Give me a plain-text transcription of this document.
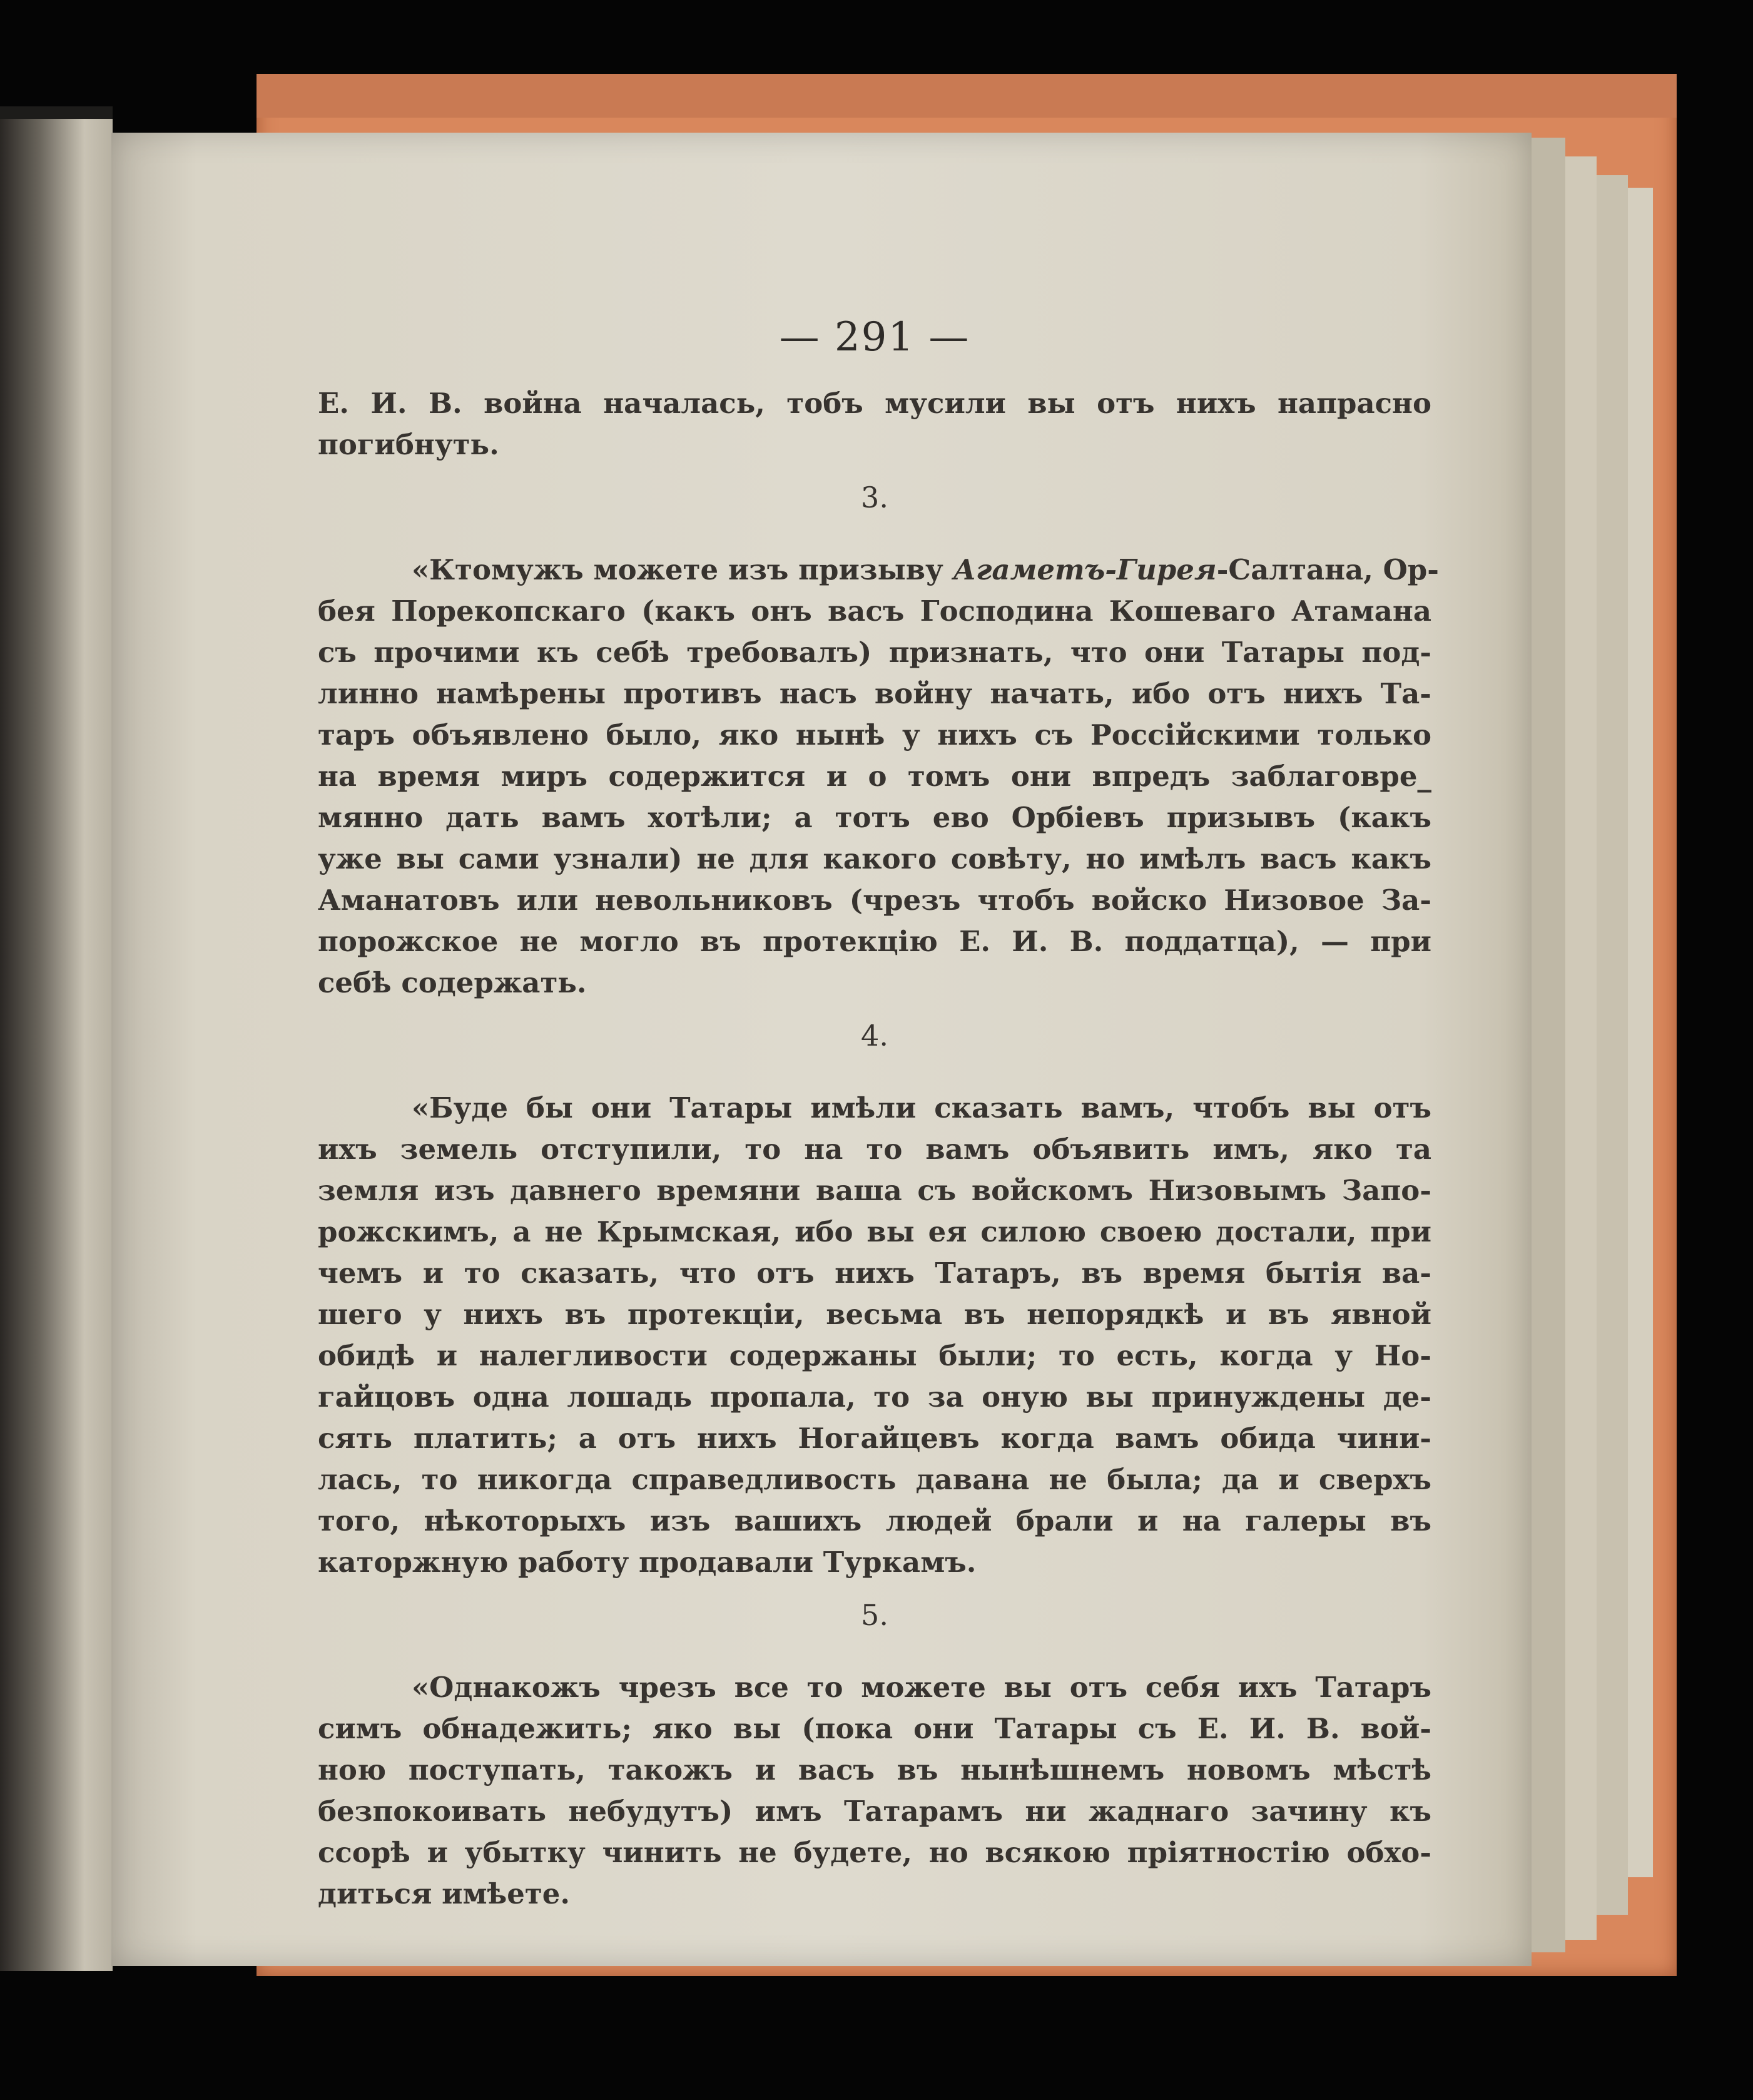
— 291 —
Е. И. В. война началась, тобъ мусили вы отъ нихъ напрасно
погибнуть.
3.
«Ктомужъ можете изъ призыву Агаметъ-Гирея-Салтана, Ор-
бея Порекопскаго (какъ онъ васъ Господина Кошеваго Атамана
съ прочими къ себѣ требовалъ) признать, что они Татары под-
линно намѣрены противъ насъ войну начать, ибо отъ нихъ Та-
таръ объявлено было, яко нынѣ у нихъ съ Россійскими только
на время миръ содержится и о томъ они впредъ заблаговре_
мянно дать вамъ хотѣли; а тотъ ево Орбіевъ призывъ (какъ
уже вы сами узнали) не для какого совѣту, но имѣлъ васъ какъ
Аманатовъ или невольниковъ (чрезъ чтобъ войско Низовое За-
порожское не могло въ протекцію Е. И. В. поддатца), — при
себѣ содержать.
4.
«Буде бы они Татары имѣли сказать вамъ, чтобъ вы отъ
ихъ земель отступили, то на то вамъ объявить имъ, яко та
земля изъ давнего времяни ваша съ войскомъ Низовымъ Запо-
рожскимъ, а не Крымская, ибо вы ея силою своею достали, при
чемъ и то сказать, что отъ нихъ Татаръ, въ время бытія ва-
шего у нихъ въ протекціи, весьма въ непорядкѣ и въ явной
обидѣ и налегливости содержаны были; то есть, когда у Но-
гайцовъ одна лошадь пропала, то за оную вы принуждены де-
сять платить; а отъ нихъ Ногайцевъ когда вамъ обида чини-
лась, то никогда справедливость давана не была; да и сверхъ
того, нѣкоторыхъ изъ вашихъ людей брали и на галеры въ
каторжную работу продавали Туркамъ.
5.
«Однакожъ чрезъ все то можете вы отъ себя ихъ Татаръ
симъ обнадежить; яко вы (пока они Татары съ Е. И. В. вой-
ною поступать, такожъ и васъ въ нынѣшнемъ новомъ мѣстѣ
безпокоивать небудутъ) имъ Татарамъ ни жаднаго зачину къ
ссорѣ и убытку чинить не будете, но всякою пріятностію обхо-
диться имѣете.
